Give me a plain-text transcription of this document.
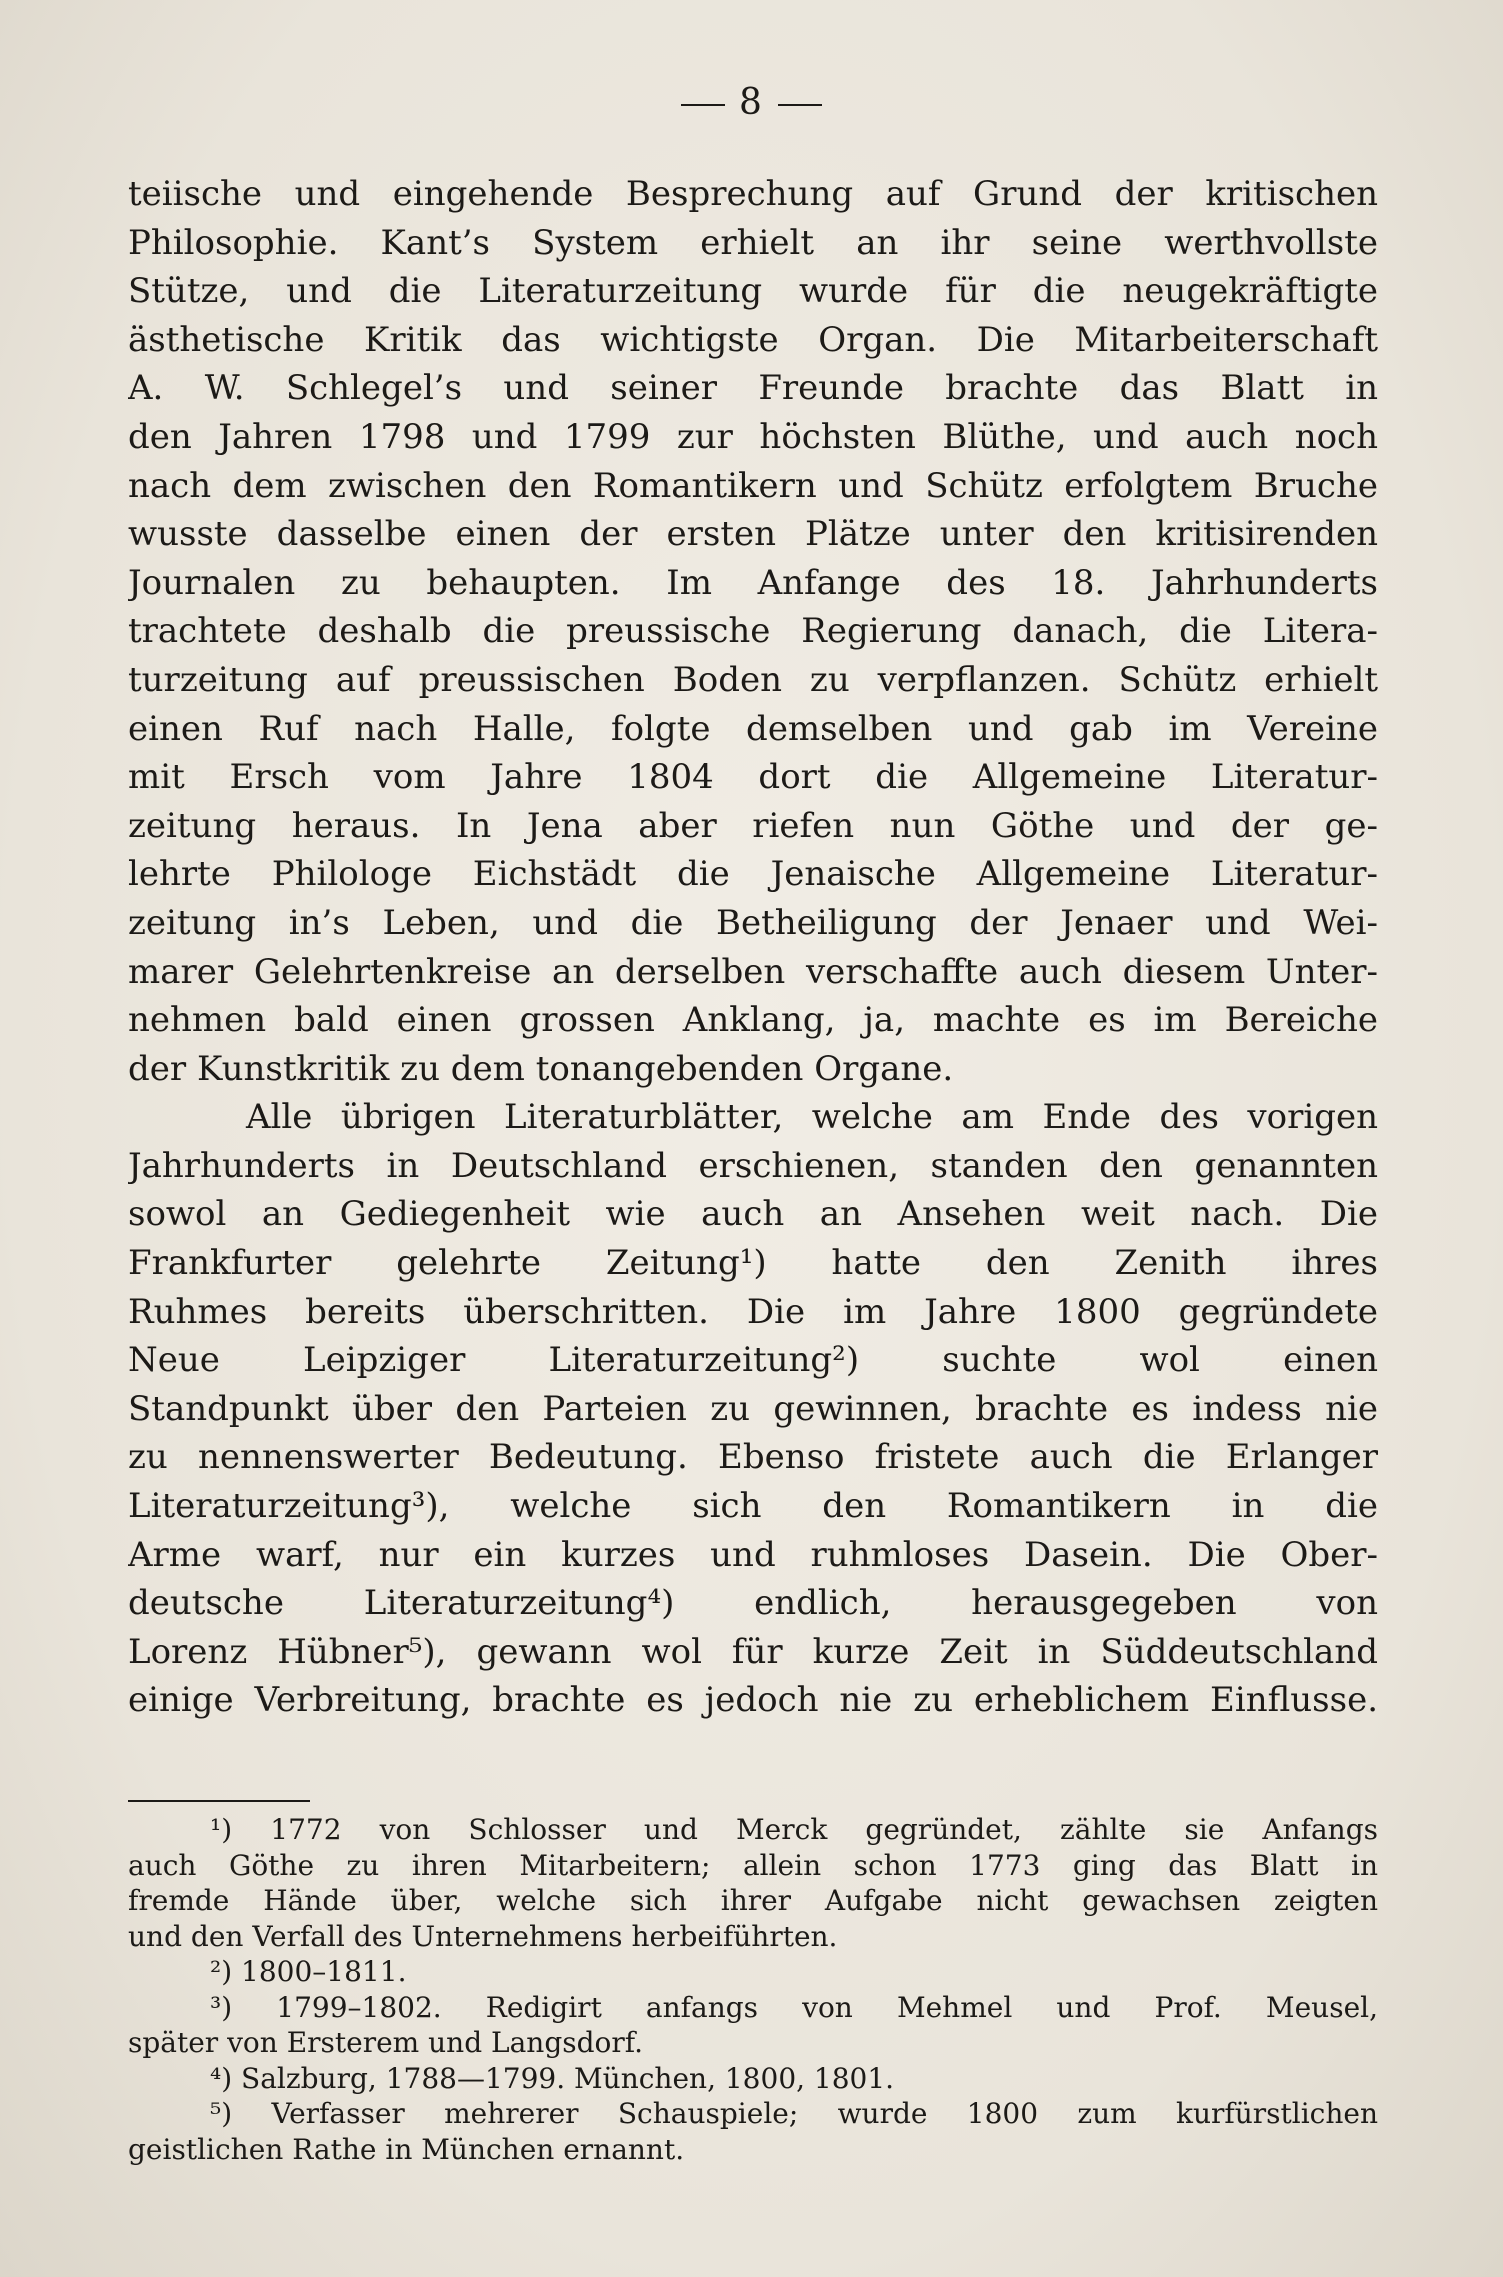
8
teiische und eingehende Besprechung auf Grund der kritischen
Philosophie. Kant’s System erhielt an ihr seine werthvollste
Stütze, und die Literaturzeitung wurde für die neugekräftigte
ästhetische Kritik das wichtigste Organ. Die Mitarbeiterschaft
A. W. Schlegel’s und seiner Freunde brachte das Blatt in
den Jahren 1798 und 1799 zur höchsten Blüthe, und auch noch
nach dem zwischen den Romantikern und Schütz erfolgtem Bruche
wusste dasselbe einen der ersten Plätze unter den kritisirenden
Journalen zu behaupten. Im Anfange des 18. Jahrhunderts
trachtete deshalb die preussische Regierung danach, die Litera-
turzeitung auf preussischen Boden zu verpflanzen. Schütz erhielt
einen Ruf nach Halle, folgte demselben und gab im Vereine
mit Ersch vom Jahre 1804 dort die Allgemeine Literatur-
zeitung heraus. In Jena aber riefen nun Göthe und der ge-
lehrte Philologe Eichstädt die Jenaische Allgemeine Literatur-
zeitung in’s Leben, und die Betheiligung der Jenaer und Wei-
marer Gelehrtenkreise an derselben verschaffte auch diesem Unter-
nehmen bald einen grossen Anklang, ja, machte es im Bereiche
der Kunstkritik zu dem tonangebenden Organe.
Alle übrigen Literaturblätter, welche am Ende des vorigen
Jahrhunderts in Deutschland erschienen, standen den genannten
sowol an Gediegenheit wie auch an Ansehen weit nach. Die
Frankfurter gelehrte Zeitung¹) hatte den Zenith ihres
Ruhmes bereits überschritten. Die im Jahre 1800 gegründete
Neue Leipziger Literaturzeitung²) suchte wol einen
Standpunkt über den Parteien zu gewinnen, brachte es indess nie
zu nennenswerter Bedeutung. Ebenso fristete auch die Erlanger
Literaturzeitung³), welche sich den Romantikern in die
Arme warf, nur ein kurzes und ruhmloses Dasein. Die Ober-
deutsche Literaturzeitung⁴) endlich, herausgegeben von
Lorenz Hübner⁵), gewann wol für kurze Zeit in Süddeutschland
einige Verbreitung, brachte es jedoch nie zu erheblichem Einflusse.
¹) 1772 von Schlosser und Merck gegründet, zählte sie Anfangs
auch Göthe zu ihren Mitarbeitern; allein schon 1773 ging das Blatt in
fremde Hände über, welche sich ihrer Aufgabe nicht gewachsen zeigten
und den Verfall des Unternehmens herbeiführten.
²) 1800–1811.
³) 1799–1802. Redigirt anfangs von Mehmel und Prof. Meusel,
später von Ersterem und Langsdorf.
⁴) Salzburg, 1788—1799. München, 1800, 1801.
⁵) Verfasser mehrerer Schauspiele; wurde 1800 zum kurfürstlichen
geistlichen Rathe in München ernannt.
